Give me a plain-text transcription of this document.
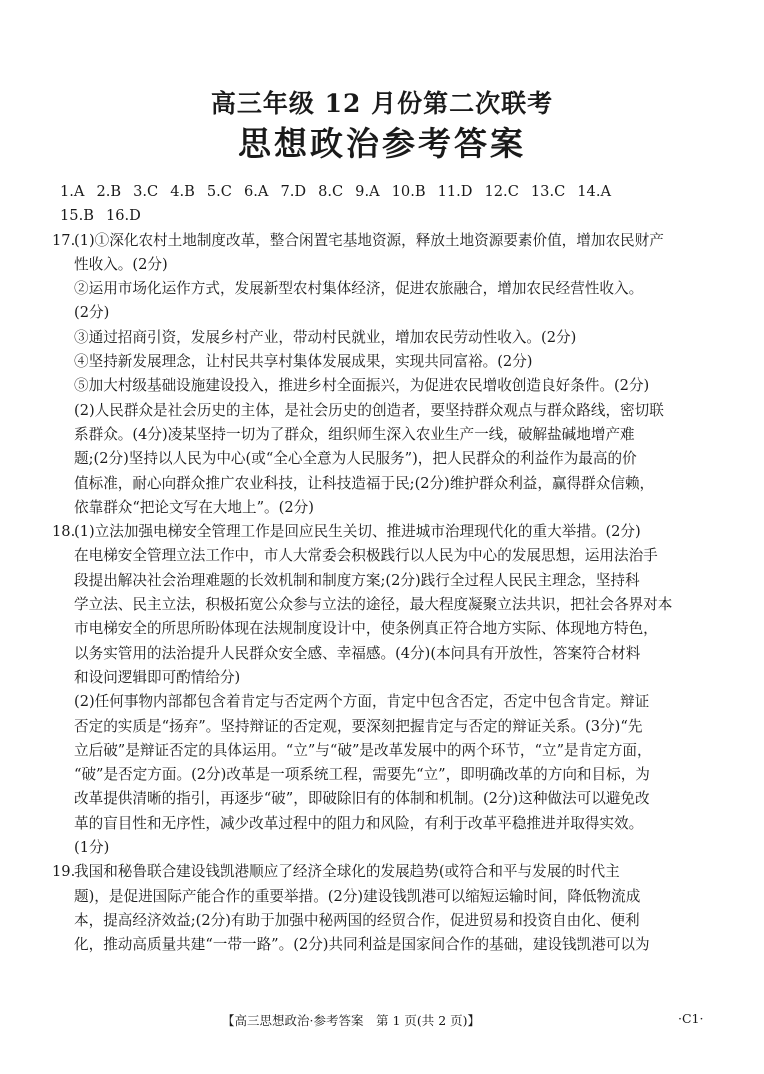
高三年级 12 月份第二次联考
思想政治参考答案

1.A 2.B 3.C 4.B 5.C 6.A 7.D 8.C 9.A 10.B 11.D 12.C 13.C 14.A

15.B 16.D

17.

(1)①深化农村土地制度改革，整合闲置宅基地资源，释放土地资源要素价值，增加农民财产

性收入。(2分)

②运用市场化运作方式，发展新型农村集体经济，促进农旅融合，增加农民经营性收入。

(2分)

③通过招商引资，发展乡村产业，带动村民就业，增加农民劳动性收入。(2分)

④坚持新发展理念，让村民共享村集体发展成果，实现共同富裕。(2分)

⑤加大村级基础设施建设投入，推进乡村全面振兴，为促进农民增收创造良好条件。(2分)

(2)人民群众是社会历史的主体，是社会历史的创造者，要坚持群众观点与群众路线，密切联

系群众。(4分)凌某坚持一切为了群众，组织师生深入农业生产一线，破解盐碱地增产难

题;(2分)坚持以人民为中心(或“全心全意为人民服务”)，把人民群众的利益作为最高的价

值标准，耐心向群众推广农业科技，让科技造福于民;(2分)维护群众利益，赢得群众信赖，

依靠群众“把论文写在大地上”。(2分)

18.

(1)立法加强电梯安全管理工作是回应民生关切、推进城市治理现代化的重大举措。(2分)

在电梯安全管理立法工作中，市人大常委会积极践行以人民为中心的发展思想，运用法治手

段提出解决社会治理难题的长效机制和制度方案;(2分)践行全过程人民民主理念，坚持科

学立法、民主立法，积极拓宽公众参与立法的途径，最大程度凝聚立法共识，把社会各界对本

市电梯安全的所思所盼体现在法规制度设计中，使条例真正符合地方实际、体现地方特色，

以务实管用的法治提升人民群众安全感、幸福感。(4分)(本问具有开放性，答案符合材料

和设问逻辑即可酌情给分)

(2)任何事物内部都包含着肯定与否定两个方面，肯定中包含否定，否定中包含肯定。辩证

否定的实质是“扬弃”。坚持辩证的否定观，要深刻把握肯定与否定的辩证关系。(3分)“先

立后破”是辩证否定的具体运用。“立”与“破”是改革发展中的两个环节，“立”是肯定方面，

“破”是否定方面。(2分)改革是一项系统工程，需要先“立”，即明确改革的方向和目标，为

改革提供清晰的指引，再逐步“破”，即破除旧有的体制和机制。(2分)这种做法可以避免改

革的盲目性和无序性，减少改革过程中的阻力和风险，有利于改革平稳推进并取得实效。

(1分)

19.

我国和秘鲁联合建设钱凯港顺应了经济全球化的发展趋势(或符合和平与发展的时代主

题)，是促进国际产能合作的重要举措。(2分)建设钱凯港可以缩短运输时间，降低物流成

本，提高经济效益;(2分)有助于加强中秘两国的经贸合作，促进贸易和投资自由化、便利

化，推动高质量共建“一带一路”。(2分)共同利益是国家间合作的基础，建设钱凯港可以为

【高三思想政治·参考答案　第 1 页(共 2 页)】	·C1·
